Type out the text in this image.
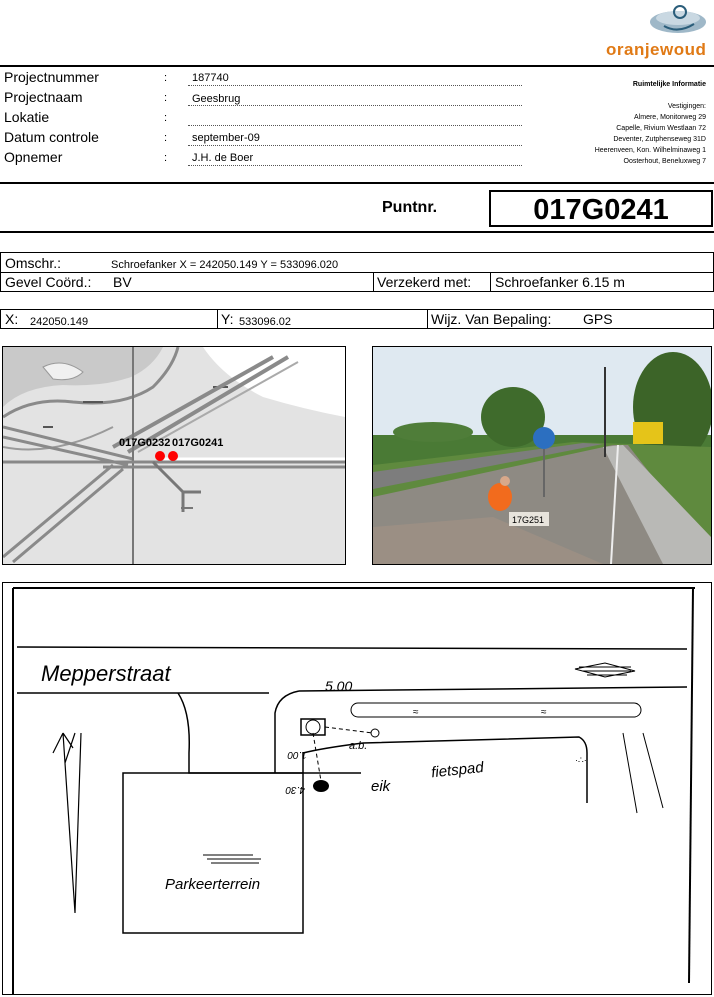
oranjewoud
Projectnummer	: 187740
Projectnaam	: Geesbrug
Lokatie	:
Datum controle	: september-09
Opnemer	: J.H. de Boer
Ruimtelijke Informatie
Vestigingen:
Almere, Monitorweg 29
Capelle, Rivium Westlaan 72
Deventer, Zutphenseweg 31D
Heerenveen, Kon. Wilhelminaweg 1
Oosterhout, Beneluxweg 7
Puntnr.	017G0241
Omschr.:	Schroefanker X = 242050.149 Y = 533096.020
Gevel Coörd.: BV	Verzekerd met: Schroefanker 6.15 m
X: 242050.149	Y: 533096.02	Wijz. Van Bepaling: GPS
017G0232 017G0241
17G251
Mepperstraat	5.00
a.b.
1.00
4.30
≈	≈
eik
fietspad	·∴·
Parkeerterrein
